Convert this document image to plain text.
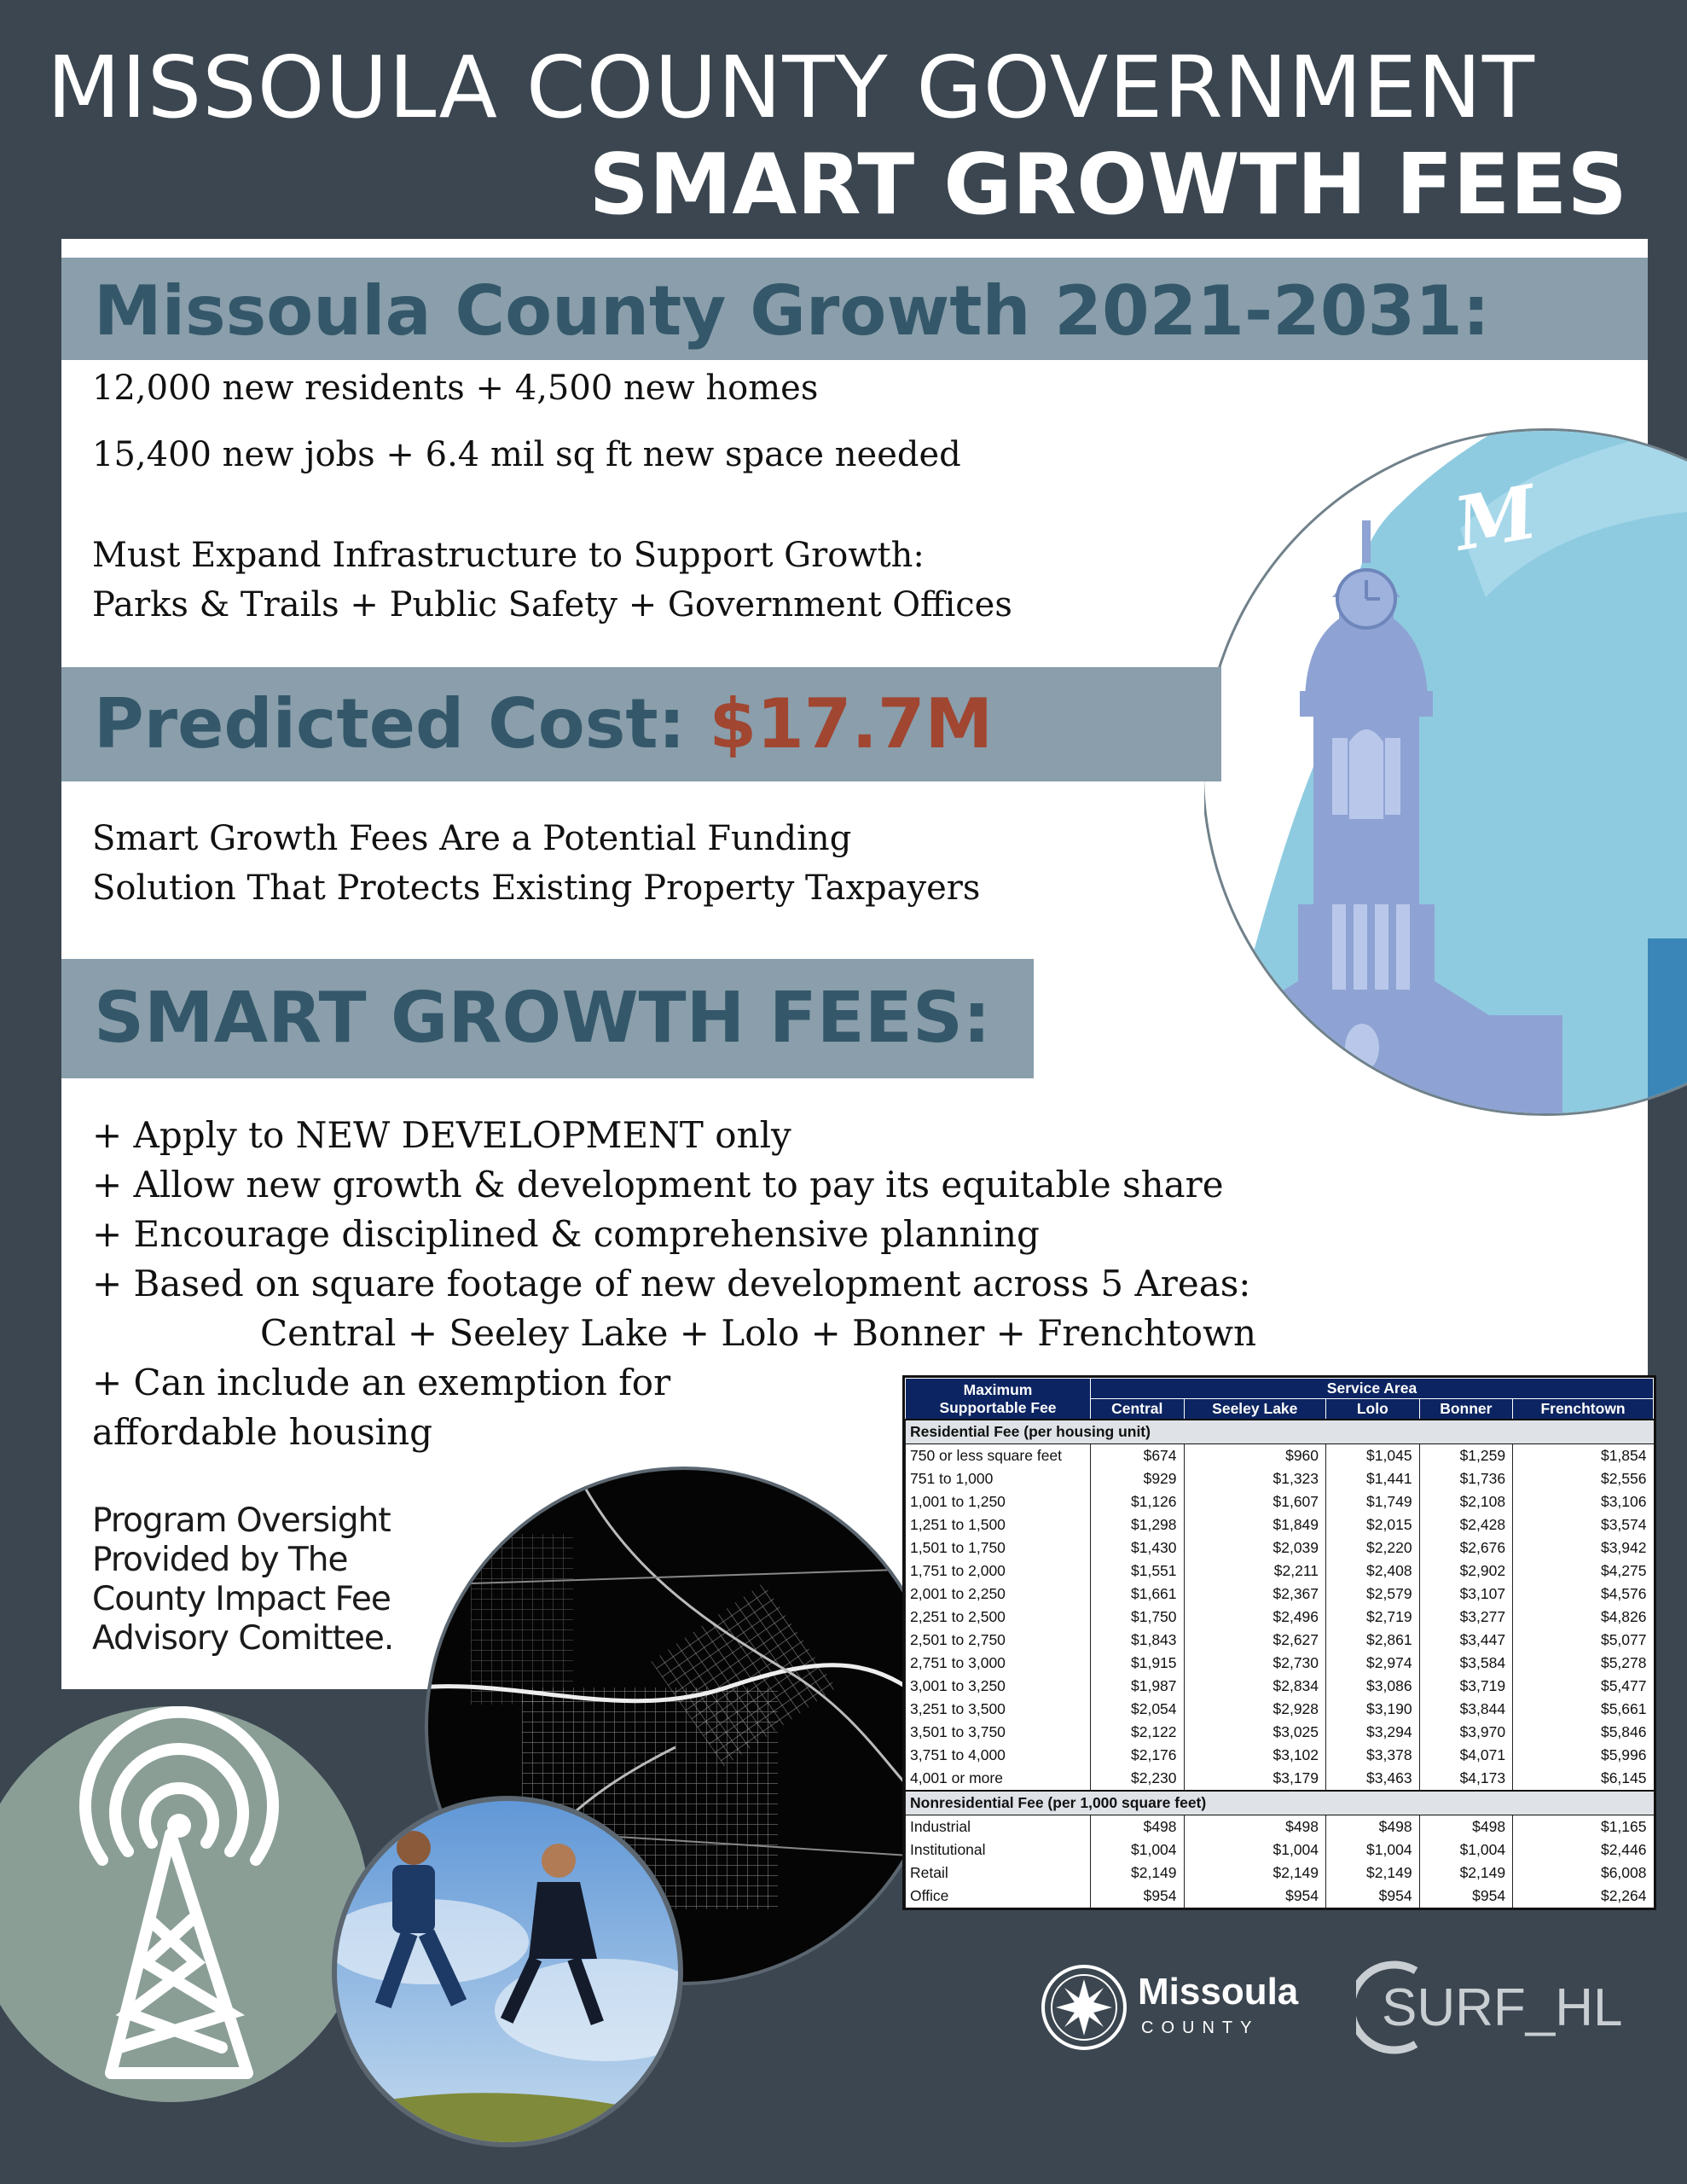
MISSOULA COUNTY GOVERNMENT
SMART GROWTH FEES
M
Missoula County Growth 2021-2031:
12,000 new residents + 4,500 new homes
15,400 new jobs + 6.4 mil sq ft new space needed
Must Expand Infrastructure to Support Growth:
Parks & Trails + Public Safety + Government Offices
Predicted Cost: $17.7M
Smart Growth Fees Are a Potential Funding
Solution That Protects Existing Property Taxpayers
SMART GROWTH FEES:
+ Apply to NEW DEVELOPMENT only
+ Allow new growth & development to pay its equitable share
+ Encourage disciplined & comprehensive planning
+ Based on square footage of new development across 5 Areas:
Central + Seeley Lake + Lolo + Bonner + Frenchtown
+ Can include an exemption for
affordable housing
Program Oversight Provided by The County Impact Fee Advisory Comittee.
Maximum
Supportable Fee	Service Area				
	Central	Seeley Lake	Lolo	Bonner	Frenchtown
Residential Fee (per housing unit)					
750 or less square feet	$674	$960	$1,045	$1,259	$1,854
751 to 1,000	$929	$1,323	$1,441	$1,736	$2,556
1,001 to 1,250	$1,126	$1,607	$1,749	$2,108	$3,106
1,251 to 1,500	$1,298	$1,849	$2,015	$2,428	$3,574
1,501 to 1,750	$1,430	$2,039	$2,220	$2,676	$3,942
1,751 to 2,000	$1,551	$2,211	$2,408	$2,902	$4,275
2,001 to 2,250	$1,661	$2,367	$2,579	$3,107	$4,576
2,251 to 2,500	$1,750	$2,496	$2,719	$3,277	$4,826
2,501 to 2,750	$1,843	$2,627	$2,861	$3,447	$5,077
2,751 to 3,000	$1,915	$2,730	$2,974	$3,584	$5,278
3,001 to 3,250	$1,987	$2,834	$3,086	$3,719	$5,477
3,251 to 3,500	$2,054	$2,928	$3,190	$3,844	$5,661
3,501 to 3,750	$2,122	$3,025	$3,294	$3,970	$5,846
3,751 to 4,000	$2,176	$3,102	$3,378	$4,071	$5,996
4,001 or more	$2,230	$3,179	$3,463	$4,173	$6,145
Nonresidential Fee (per 1,000 square feet)					
Industrial	$498	$498	$498	$498	$1,165
Institutional	$1,004	$1,004	$1,004	$1,004	$2,446
Retail	$2,149	$2,149	$2,149	$2,149	$6,008
Office	$954	$954	$954	$954	$2,264
Missoula
COUNTY SURF_HL
